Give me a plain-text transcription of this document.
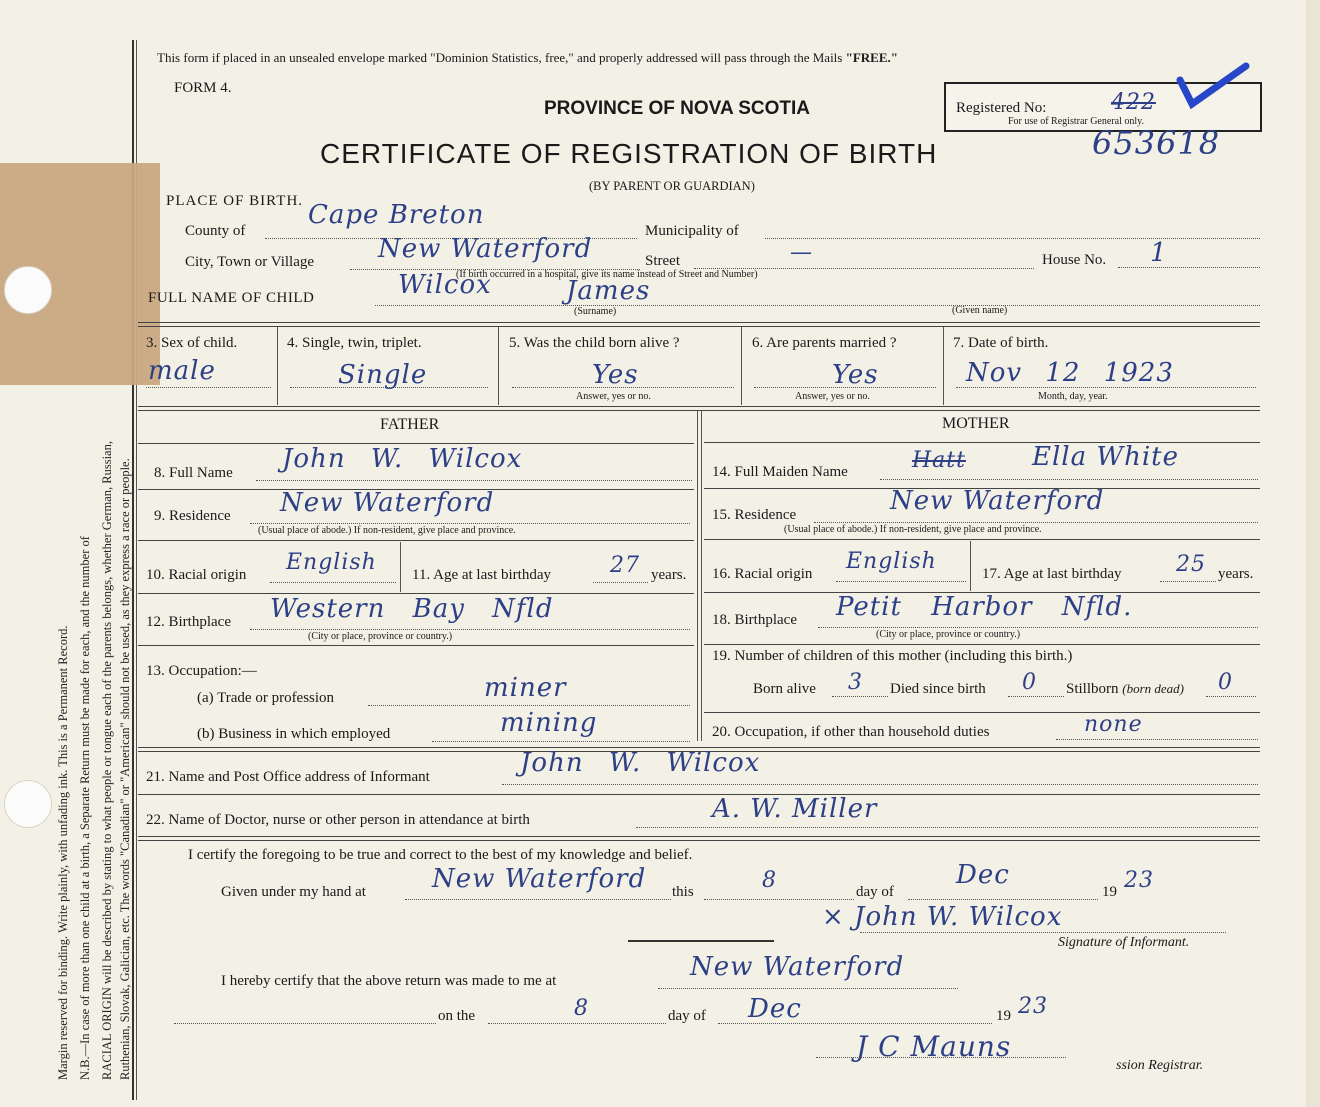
Margin reserved for binding. Write plainly, with unfading ink. This is a Permanent Record. N.B.—In case of more than one child at a birth, a Separate Return must be made for each, and the number of RACIAL ORIGIN will be described by stating to what people or tongue each of the parents belongs, whether German, Russian, Ruthenian, Slovak, Galician, etc. The words "Canadian" or "American" should not be used, as they express a race or people.
This form if placed in an unsealed envelope marked "Dominion Statistics, free," and properly addressed will pass through the Mails "FREE."
FORM 4.
PROVINCE OF NOVA SCOTIA
CERTIFICATE OF REGISTRATION OF BIRTH
(BY PARENT OR GUARDIAN)
Registered No:	422
For use of Registrar General only.
653618
PLACE OF BIRTH.
County of
Cape Breton
Municipality of
City, Town or Village New Waterford	Street	—	House No. 1
(If birth occurred in a hospital, give its name instead of Street and Number)
FULL NAME OF CHILD	Wilcox	James
(Surname)	(Given name)
3. Sex of child.
male
4. Single, twin, triplet.
Single
5. Was the child born alive ?
Yes
Answer, yes or no.
6. Are parents married ?
Yes
Answer, yes or no.
7. Date of birth.
Nov 12 1923
Month, day, year.
FATHER
8. Full Name John W. Wilcox
9. Residence New Waterford
(Usual place of abode.) If non-resident, give place and province.
10. Racial origin English 11. Age at last birthday	27 years.
12. Birthplace Western Bay Nfld
(City or place, province or country.)
13. Occupation:—
(a) Trade or profession	miner
(b) Business in which employed	mining
MOTHER
14. Full Maiden Name	Hatt	Ella White
15. Residence	New Waterford
(Usual place of abode.) If non-resident, give place and province.
16. Racial origin English	17. Age at last birthday 25 years.
18. Birthplace Petit Harbor Nfld.
(City or place, province or country.)
19. Number of children of this mother (including this birth.)
Born alive 3 Died since birth 0 Stillborn (born dead) 0
20. Occupation, if other than household duties	none
21. Name and Post Office address of Informant	John W. Wilcox
22. Name of Doctor, nurse or other person in attendance at birth	A. W. Miller
I certify the foregoing to be true and correct to the best of my knowledge and belief.
Given under my hand at	New Waterford this	8	day of
Dec
19 23
× John W. Wilcox
Signature of Informant.
I hereby certify that the above return was made to me at	New Waterford
on the	8	day of Dec	19 23
J C Mauns
ssion Registrar.
